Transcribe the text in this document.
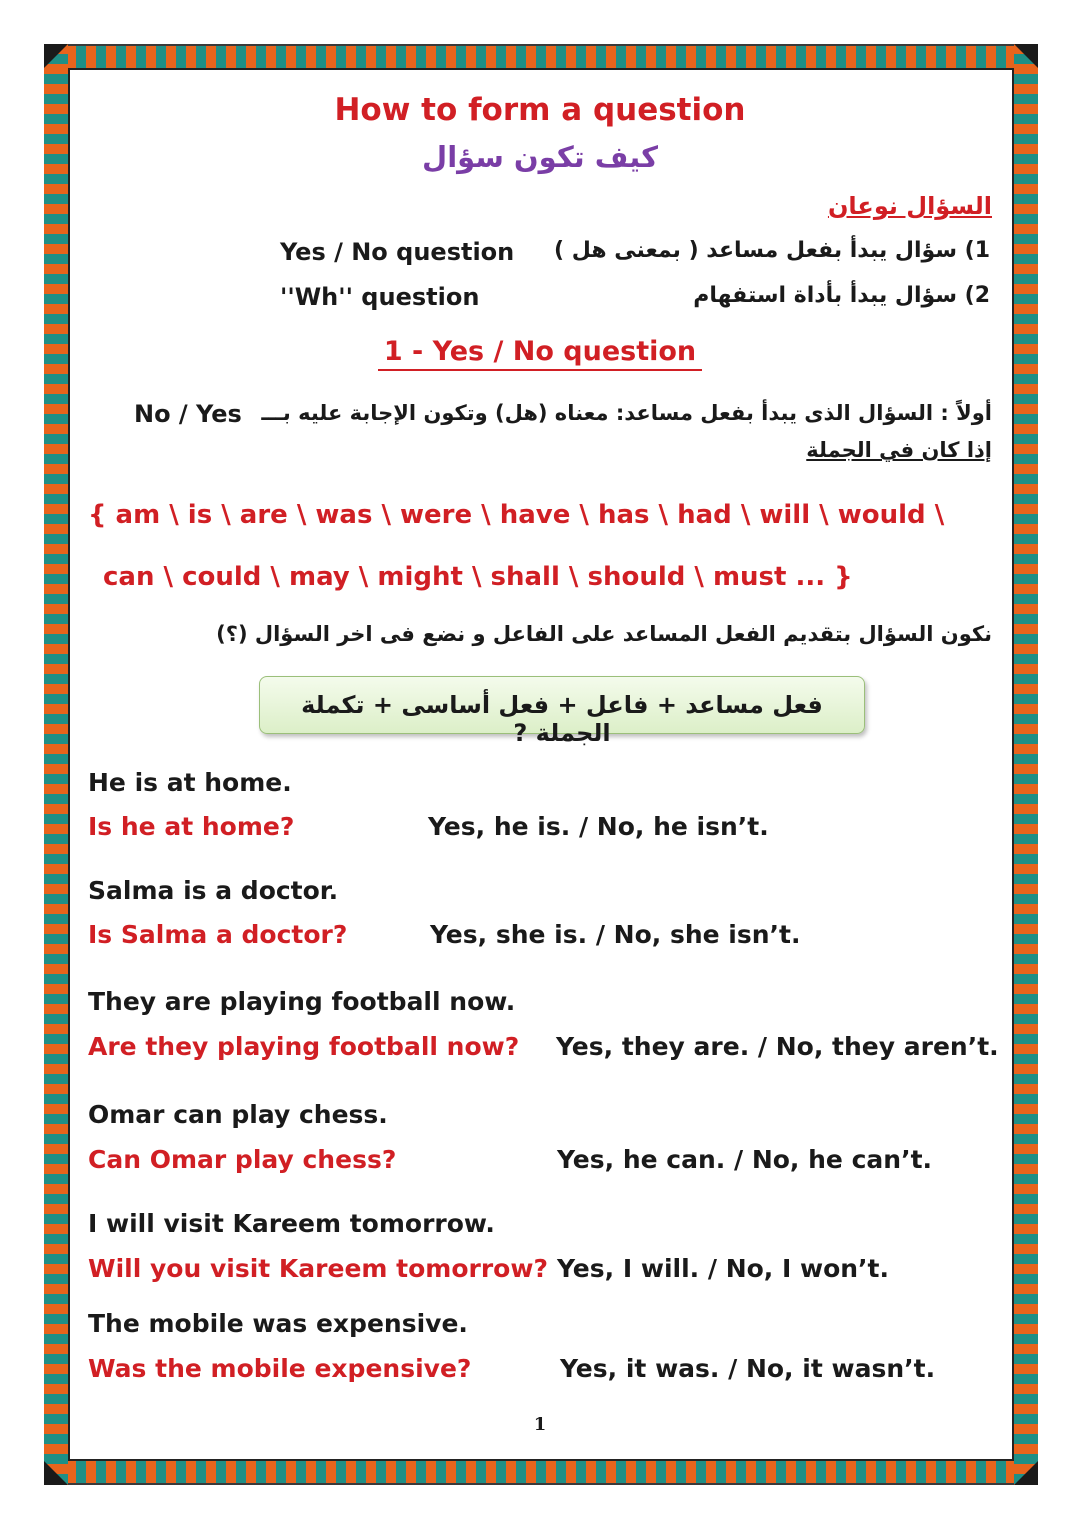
How to form a question
كيف تكون سؤال
السؤال نوعان
1) سؤال يبدأ بفعل مساعد ( بمعنى هل )
Yes / No question
2) سؤال يبدأ بأداة استفهام
''Wh'' question
1 - Yes / No question
أولاً : السؤال الذى يبدأ بفعل مساعد: معناه (هل) وتكون الإجابة عليه بـــ
No / Yes
إذا كان في الجملة
{ am \ is \ are \ was \ were \ have \ has \ had \ will \ would \
can \ could \ may \ might \ shall \ should \ must ... }
نكون السؤال بتقديم الفعل المساعد على الفاعل و نضع فى اخر السؤال (؟)
فعل مساعد + فاعل + فعل أساسى + تكملة الجملة ?
He is at home.
Is he at home?	Yes, he is. / No, he isn’t.
Salma is a doctor.
Is Salma a doctor?	Yes, she is. / No, she isn’t.
They are playing football now.
Are they playing football now? Yes, they are. / No, they aren’t.
Omar can play chess.
Can Omar play chess?	Yes, he can. / No, he can’t.
I will visit Kareem tomorrow.
Will you visit Kareem tomorrow? Yes, I will. / No, I won’t.
The mobile was expensive.
Was the mobile expensive?	Yes, it was. / No, it wasn’t.
1
